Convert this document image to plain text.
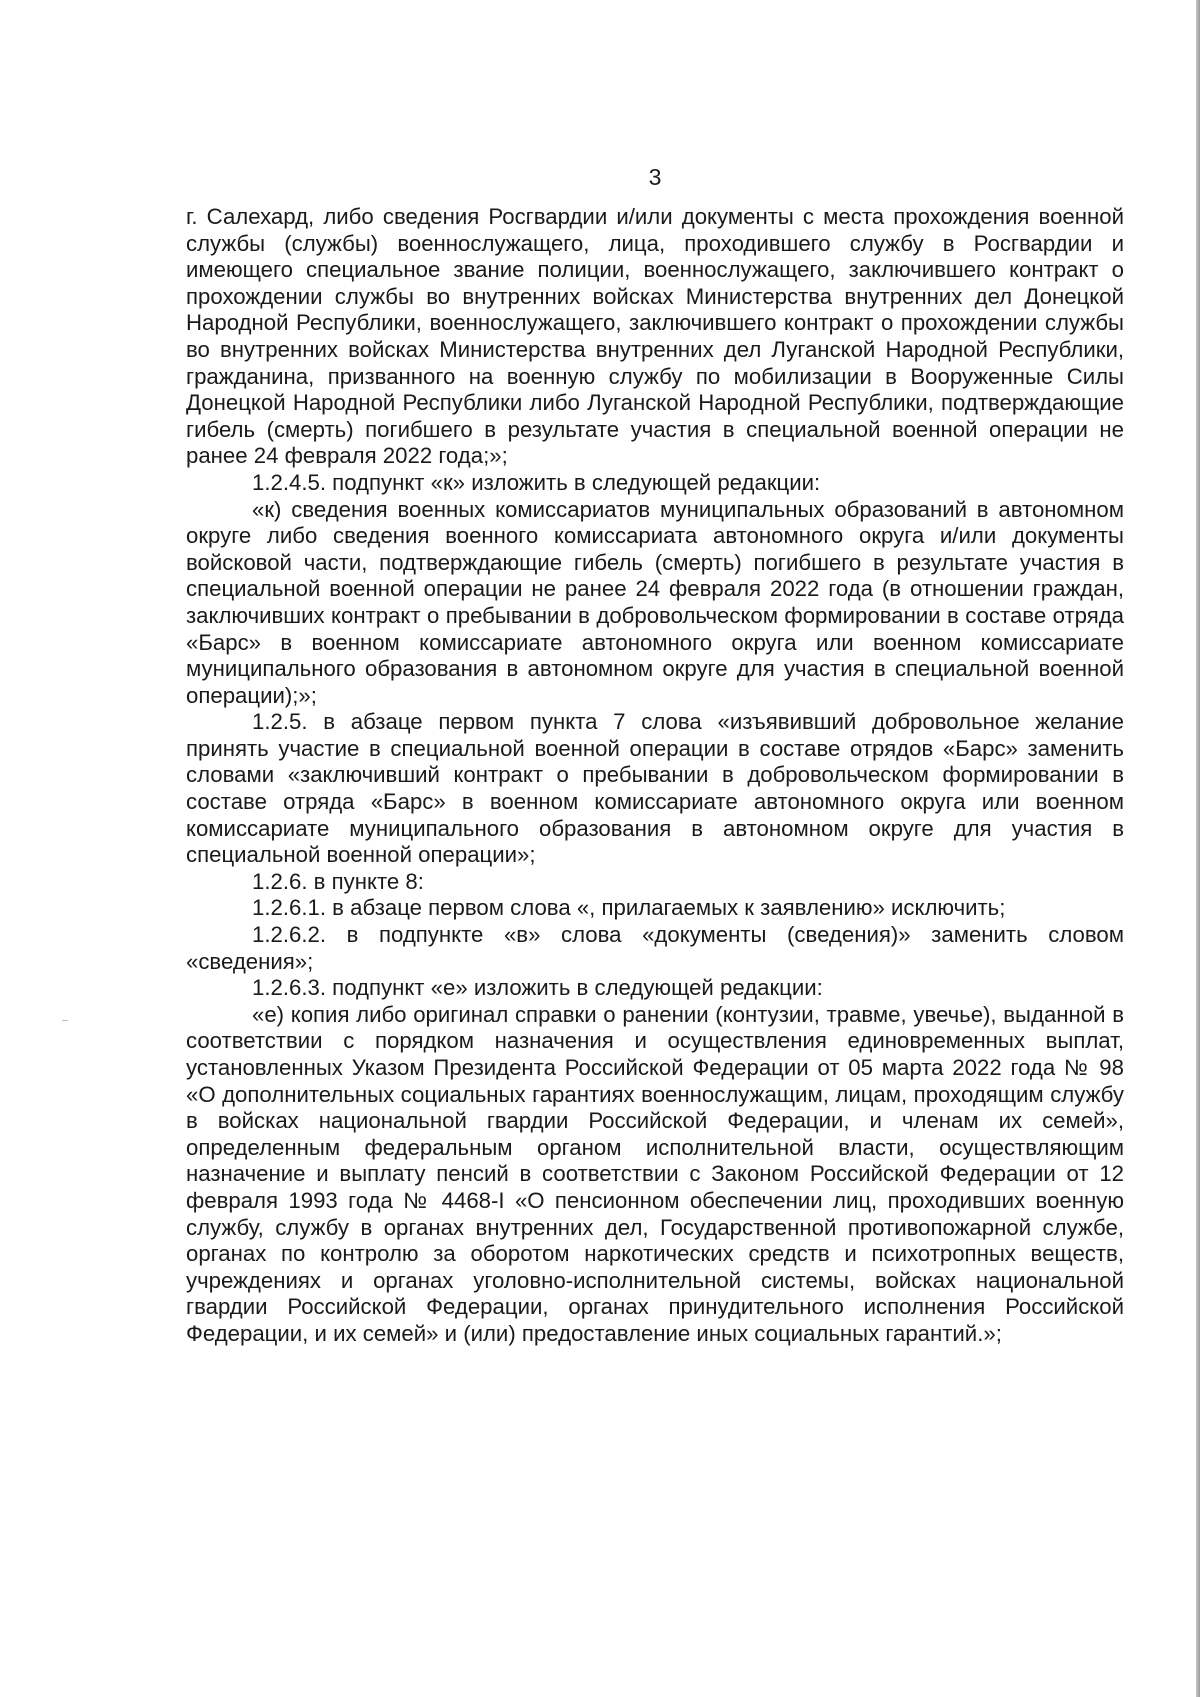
3

г. Салехард, либо сведения Росгвардии и/или документы с места прохождения военной службы (службы) военнослужащего, лица, проходившего службу в Росгвардии и имеющего специальное звание полиции, военнослужащего, заключившего контракт о прохождении службы во внутренних войсках Министерства внутренних дел Донецкой Народной Республики, военнослужащего, заключившего контракт о прохождении службы во внутренних войсках Министерства внутренних дел Луганской Народной Республики, гражданина, призванного на военную службу по мобилизации в Вооруженные Силы Донецкой Народной Республики либо Луганской Народной Республики, подтверждающие гибель (смерть) погибшего в результате участия в специальной военной операции не ранее 24 февраля 2022 года;»;

1.2.4.5. подпункт «к» изложить в следующей редакции:

«к) сведения военных комиссариатов муниципальных образований в автономном округе либо сведения военного комиссариата автономного округа и/или документы войсковой части, подтверждающие гибель (смерть) погибшего в результате участия в специальной военной операции не ранее 24 февраля 2022 года (в отношении граждан, заключивших контракт о пребывании в добровольческом формировании в составе отряда «Барс» в военном комиссариате автономного округа или военном комиссариате муниципального образования в автономном округе для участия в специальной военной операции);»;

1.2.5. в абзаце первом пункта 7 слова «изъявивший добровольное желание принять участие в специальной военной операции в составе отрядов «Барс» заменить словами «заключивший контракт о пребывании в добровольческом формировании в составе отряда «Барс» в военном комиссариате автономного округа или военном комиссариате муниципального образования в автономном округе для участия в специальной военной операции»;

1.2.6. в пункте 8:

1.2.6.1. в абзаце первом слова «, прилагаемых к заявлению» исключить;

1.2.6.2. в подпункте «в» слова «документы (сведения)» заменить словом «сведения»;

1.2.6.3. подпункт «е» изложить в следующей редакции:

«е) копия либо оригинал справки о ранении (контузии, травме, увечье), выданной в соответствии с порядком назначения и осуществления единовременных выплат, установленных Указом Президента Российской Федерации от 05 марта 2022 года № 98 «О дополнительных социальных гарантиях военнослужащим, лицам, проходящим службу в войсках национальной гвардии Российской Федерации, и членам их семей», определенным федеральным органом исполнительной власти, осуществляющим назначение и выплату пенсий в соответствии с Законом Российской Федерации от 12 февраля 1993 года № 4468-I «О пенсионном обеспечении лиц, проходивших военную службу, службу в органах внутренних дел, Государственной противопожарной службе, органах по контролю за оборотом наркотических средств и психотропных веществ, учреждениях и органах уголовно-исполнительной системы, войсках национальной гвардии Российской Федерации, органах принудительного исполнения Российской Федерации, и их семей» и (или) предоставление иных социальных гарантий.»;
